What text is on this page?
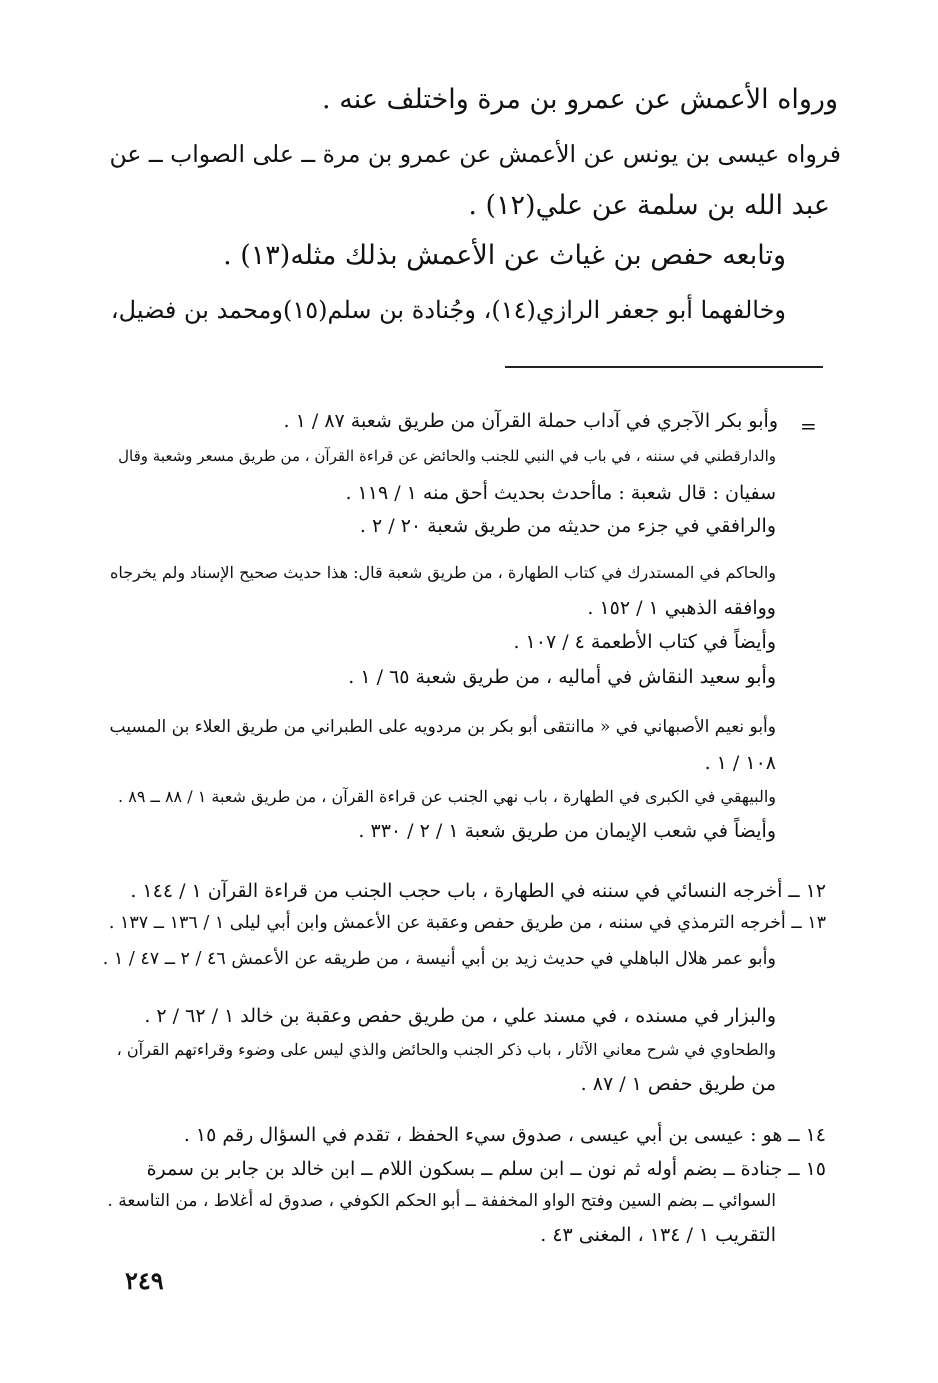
ورواه الأعمش عن عمرو بن مرة واختلف عنه .
فرواه عيسى بن يونس عن الأعمش عن عمرو بن مرة ــ على الصواب ــ عن
عبد الله بن سلمة عن علي(١٢) .
وتابعه حفص بن غياث عن الأعمش بذلك مثله(١٣) .
وخالفهما أبو جعفر الرازي(١٤)، وجُنادة بن سلم(١٥)ومحمد بن فضيل،
=
وأبو بكر الآجري في آداب حملة القرآن من طريق شعبة ٨٧ / ١ .
والدارقطني في سننه ، في باب في النبي للجنب والحائض عن قراءة القرآن ، من طريق مسعر وشعبة وقال
سفيان : قال شعبة : ماأحدث بحديث أحق منه ١ / ١١٩ .
والرافقي في جزء من حديثه من طريق شعبة ٢٠ / ٢ .
والحاكم في المستدرك في كتاب الطهارة ، من طريق شعبة قال: هذا حديث صحيح الإسناد ولم يخرجاه
ووافقه الذهبي ١ / ١٥٢ .
وأيضاً في كتاب الأطعمة ٤ / ١٠٧ .
وأبو سعيد النقاش في أماليه ، من طريق شعبة ٦٥ / ١ .
وأبو نعيم الأصبهاني في « ماانتقى أبو بكر بن مردويه على الطبراني من طريق العلاء بن المسيب
١٠٨ / ١ .
والبيهقي في الكبرى في الطهارة ، باب نهي الجنب عن قراءة القرآن ، من طريق شعبة ١ / ٨٨ ــ ٨٩ .
وأيضاً في شعب الإيمان من طريق شعبة ١ / ٢ / ٣٣٠ .
١٢ ــ أخرجه النسائي في سننه في الطهارة ، باب حجب الجنب من قراءة القرآن ١ / ١٤٤ .
١٣ ــ أخرجه الترمذي في سننه ، من طريق حفص وعقبة عن الأعمش وابن أبي ليلى ١ / ١٣٦ ــ ١٣٧ .
وأبو عمر هلال الباهلي في حديث زيد بن أبي أنيسة ، من طريقه عن الأعمش ٤٦ / ٢ ــ ٤٧ / ١ .
والبزار في مسنده ، في مسند علي ، من طريق حفص وعقبة بن خالد ١ / ٦٢ / ٢ .
والطحاوي في شرح معاني الآثار ، باب ذكر الجنب والحائض والذي ليس على وضوء وقراءتهم القرآن ،
من طريق حفص ١ / ٨٧ .
١٤ ــ هو : عيسى بن أبي عيسى ، صدوق سيء الحفظ ، تقدم في السؤال رقم ١٥ .
١٥ ــ جنادة ــ بضم أوله ثم نون ــ ابن سلم ــ بسكون اللام ــ ابن خالد بن جابر بن سمرة
السوائي ــ بضم السين وفتح الواو المخففة ــ أبو الحكم الكوفي ، صدوق له أغلاط ، من التاسعة .
التقريب ١ / ١٣٤ ، المغنى ٤٣ .
٢٤٩
